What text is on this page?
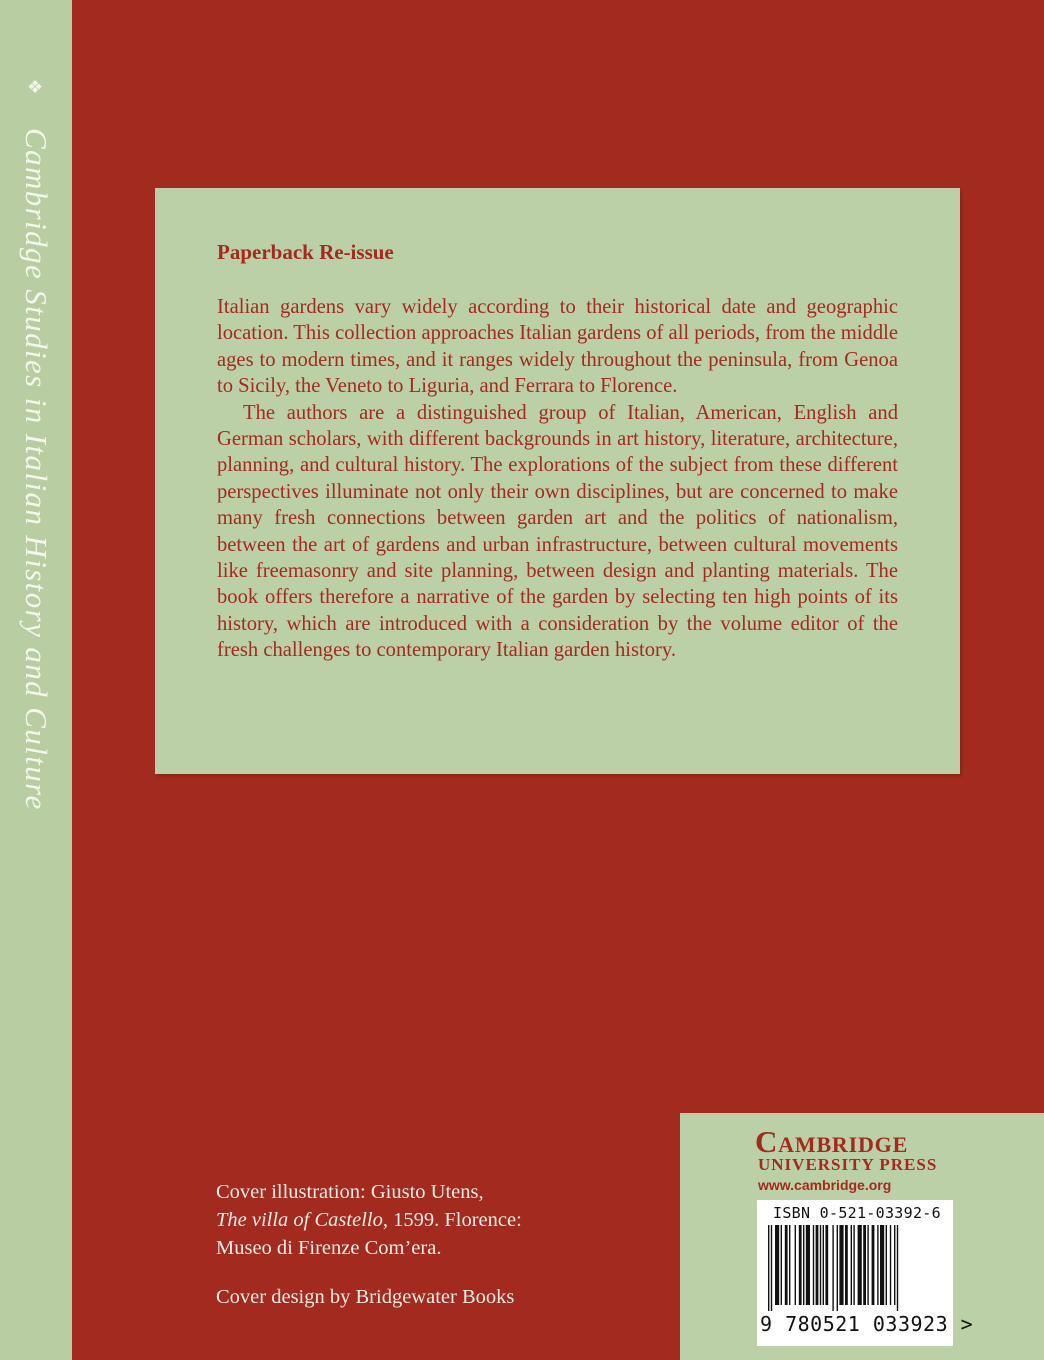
❖
Cambridge Studies in Italian History and Culture	Paperback Re-issue

Italian gardens vary widely according to their historical date and geographic location. This collection approaches Italian gardens of all periods, from the middle ages to modern times, and it ranges widely throughout the peninsula, from Genoa to Sicily, the Veneto to Liguria, and Ferrara to Florence.

The authors are a distinguished group of Italian, American, English and German scholars, with different backgrounds in art history, literature, architecture, planning, and cultural history. The explorations of the subject from these different perspectives illuminate not only their own disciplines, but are concerned to make many fresh connections between garden art and the politics of nationalism, between the art of gardens and urban infrastructure, between cultural movements like freemasonry and site planning, between design and planting materials. The book offers therefore a narrative of the garden by selecting ten high points of its history, which are introduced with a consideration by the volume editor of the fresh challenges to contemporary Italian garden history.

Cover illustration: Giusto Utens,
The villa of Castello, 1599. Florence:
Museo di Firenze Com’era.
Cover design by Bridgewater Books
Cambridge
UNIVERSITY PRESS
www.cambridge.org
ISBN 0-521-03392-6
9 780521 033923 >
